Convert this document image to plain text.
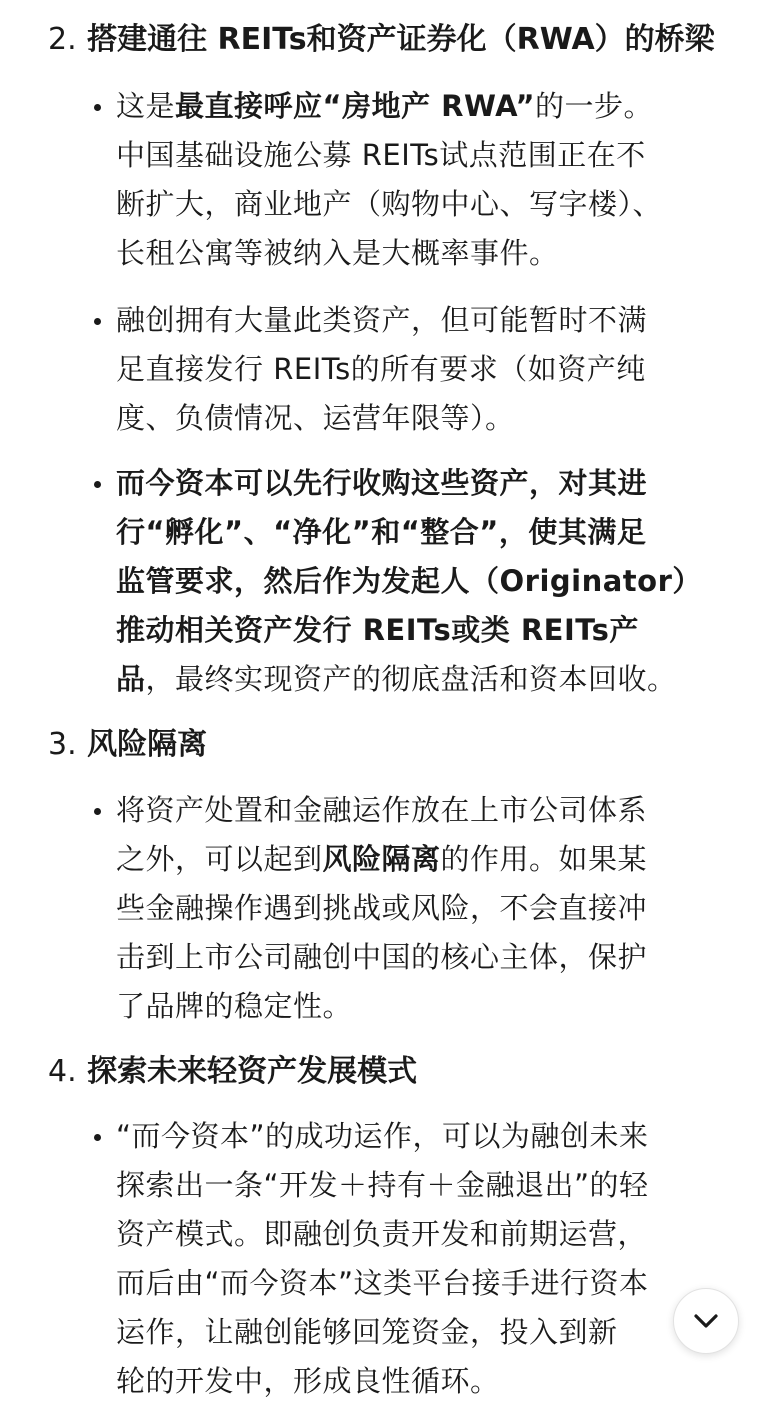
2. 搭建通往 REITs和资产证券化（RWA）的桥梁
这是最直接呼应“房地产 RWA”的一步。
中国基础设施公募 REITs试点范围正在不
断扩大，商业地产（购物中心、写字楼）、
长租公寓等被纳入是大概率事件。
融创拥有大量此类资产，但可能暂时不满
足直接发行 REITs的所有要求（如资产纯
度、负债情况、运营年限等）。
而今资本可以先行收购这些资产，对其进
行“孵化”、“净化”和“整合”，使其满足
监管要求，然后作为发起人（Originator）
推动相关资产发行 REITs或类 REITs产
品，最终实现资产的彻底盘活和资本回收。
3. 风险隔离
将资产处置和金融运作放在上市公司体系
之外，可以起到风险隔离的作用。如果某
些金融操作遇到挑战或风险，不会直接冲
击到上市公司融创中国的核心主体，保护
了品牌的稳定性。
4. 探索未来轻资产发展模式
“而今资本”的成功运作，可以为融创未来
探索出一条“开发＋持有＋金融退出”的轻
资产模式。即融创负责开发和前期运营，
而后由“而今资本”这类平台接手进行资本
运作，让融创能够回笼资金，投入到新
轮的开发中，形成良性循环。
